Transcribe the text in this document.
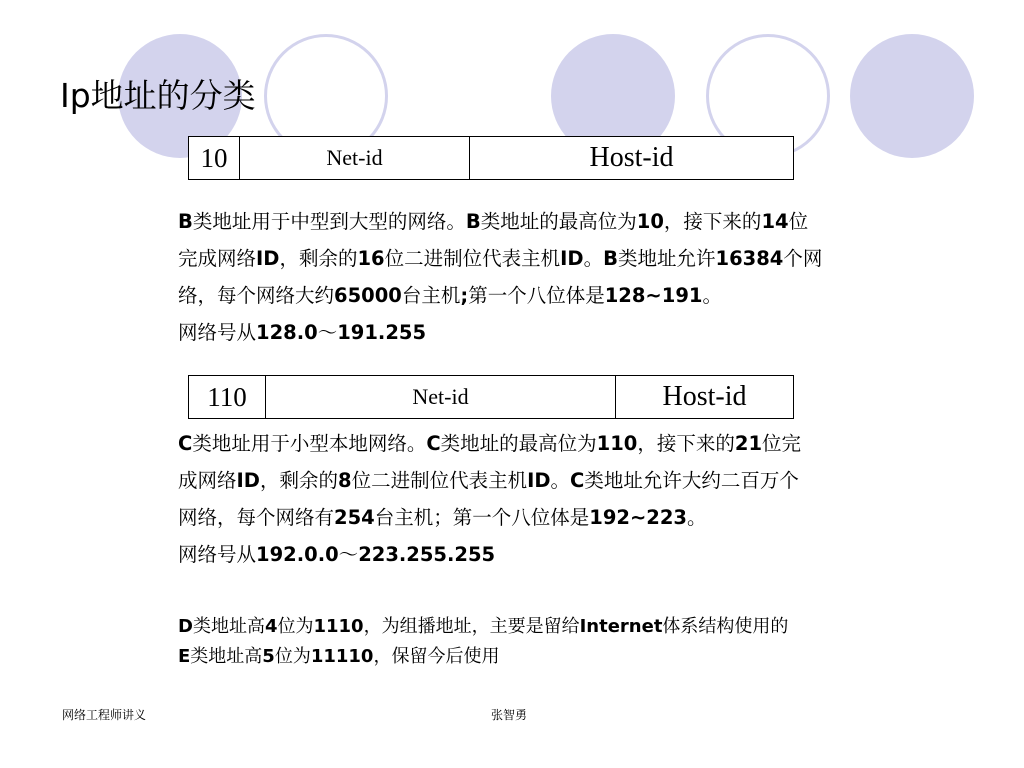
Ip地址的分类
10	Net-id	Host-id
B类地址用于中型到大型的网络。B类地址的最高位为10，接下来的14位
完成网络ID，剩余的16位二进制位代表主机ID。B类地址允许16384个网
络，每个网络大约65000台主机;第一个八位体是128~191。
网络号从128.0～191.255
110	Net-id	Host-id
C类地址用于小型本地网络。C类地址的最高位为110，接下来的21位完
成网络ID，剩余的8位二进制位代表主机ID。C类地址允许大约二百万个
网络，每个网络有254台主机；第一个八位体是192~223。
网络号从192.0.0～223.255.255
D类地址高4位为1110，为组播地址，主要是留给Internet体系结构使用的
E类地址高5位为11110，保留今后使用
网络工程师讲义	张智勇
